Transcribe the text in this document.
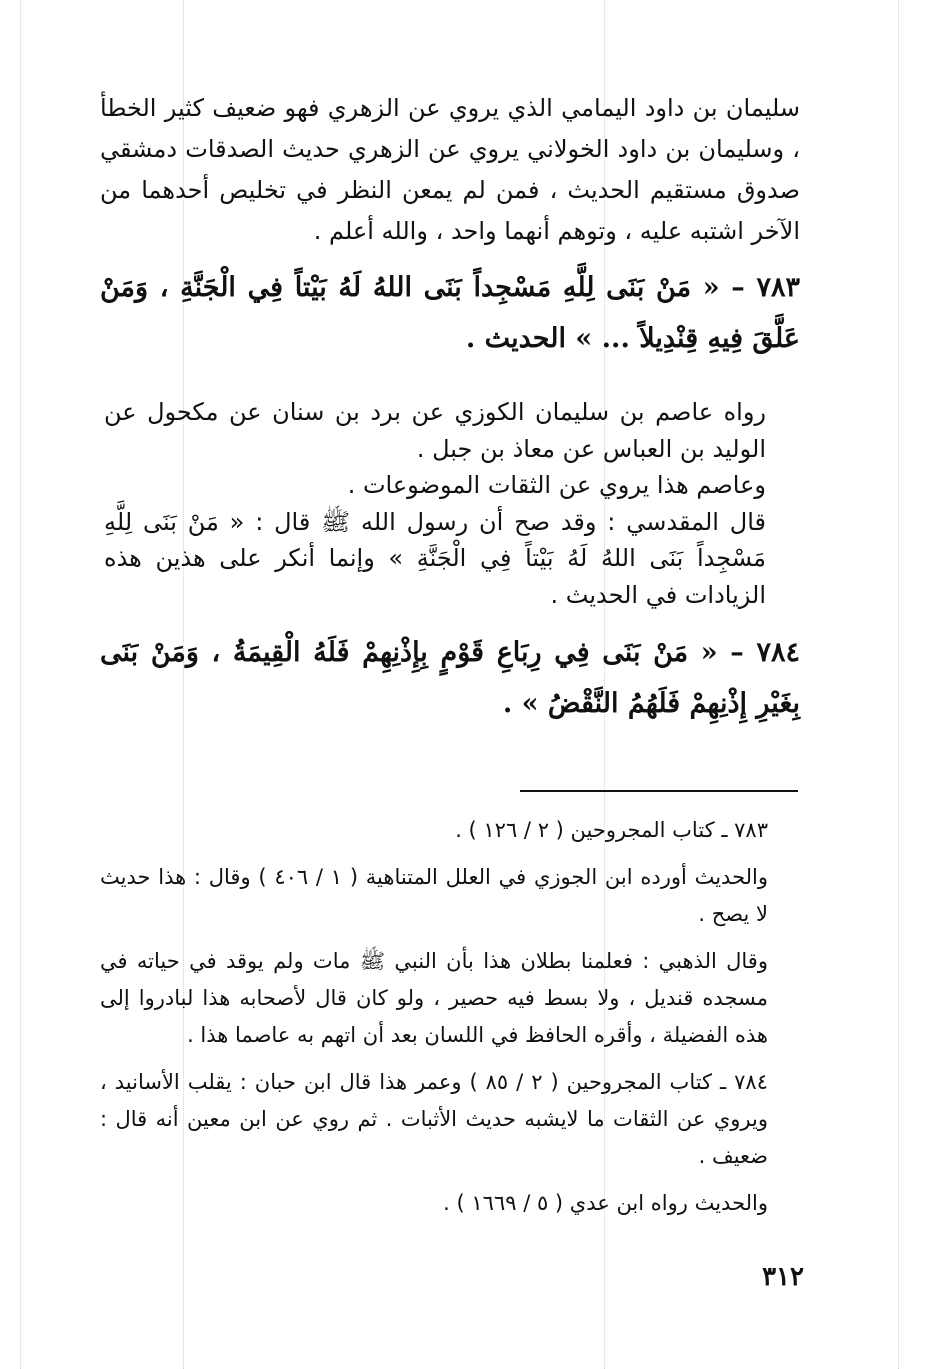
سليمان بن داود اليمامي الذي يروي عن الزهري فهو ضعيف كثير الخطأ ، وسليمان بن داود الخولاني يروي عن الزهري حديث الصدقات دمشقي صدوق مستقيم الحديث ، فمن لم يمعن النظر في تخليص أحدهما من الآخر اشتبه عليه ، وتوهم أنهما واحد ، والله أعلم .

٧٨٣ – « مَنْ بَنَى لِلَّهِ مَسْجِداً بَنَى اللهُ لَهُ بَيْتاً فِي الْجَنَّةِ ، وَمَنْ عَلَّقَ فِيهِ قِنْدِيلاً ... » الحديث .

رواه عاصم بن سليمان الكوزي عن برد بن سنان عن مكحول عن الوليد بن العباس عن معاذ بن جبل .
وعاصم هذا يروي عن الثقات الموضوعات .
قال المقدسي : وقد صح أن رسول الله ﷺ قال : « مَنْ بَنَى لِلَّهِ مَسْجِداً بَنَى اللهُ لَهُ بَيْتاً فِي الْجَنَّةِ » وإنما أنكر على هذين هذه الزيادات في الحديث .

٧٨٤ – « مَنْ بَنَى فِي رِبَاعِ قَوْمٍ بِإِذْنِهِمْ فَلَهُ الْقِيمَةُ ، وَمَنْ بَنَى بِغَيْرِ إِذْنِهِمْ فَلَهُمُ النَّقْضُ » .

٧٨٣ ـ كتاب المجروحين ( ٢ / ١٢٦ ) .

والحديث أورده ابن الجوزي في العلل المتناهية ( ١ / ٤٠٦ ) وقال : هذا حديث لا يصح .

وقال الذهبي : فعلمنا بطلان هذا بأن النبي ﷺ مات ولم يوقد في حياته في مسجده قنديل ، ولا بسط فيه حصير ، ولو كان قال لأصحابه هذا لبادروا إلى هذه الفضيلة ، وأقره الحافظ في اللسان بعد أن اتهم به عاصما هذا .

٧٨٤ ـ كتاب المجروحين ( ٢ / ٨٥ ) وعمر هذا قال ابن حبان : يقلب الأسانيد ، ويروي عن الثقات ما لايشبه حديث الأثبات . ثم روي عن ابن معين أنه قال : ضعيف .

والحديث رواه ابن عدي ( ٥ / ١٦٦٩ ) .

٣١٢
